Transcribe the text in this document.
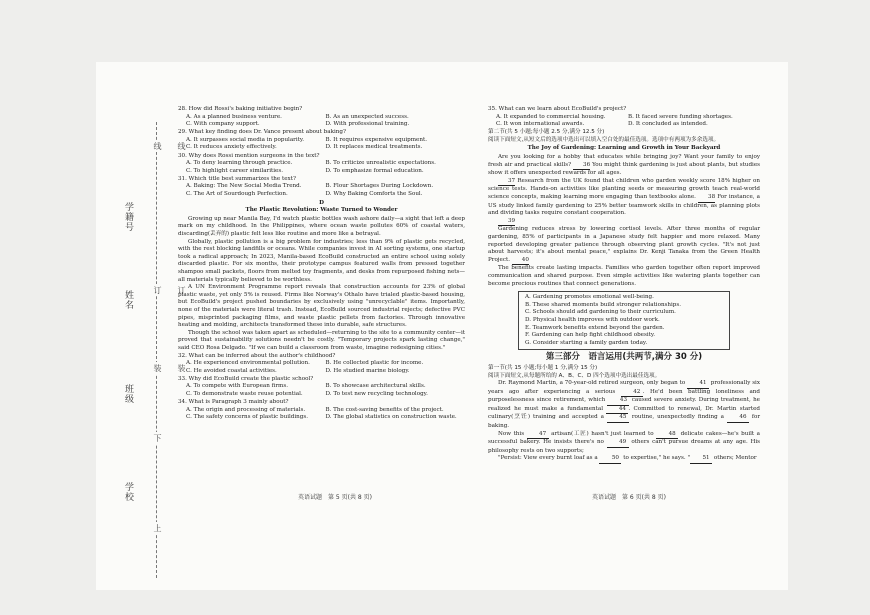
线
订
装
下
上
线
订
装
学籍号
姓名
班级
学校
28. How did Rossi's baking initiative begin?
A. As a planned business venture.	B. As an unexpected success.
C. With company support.	D. With professional training.
29. What key finding does Dr. Vance present about baking?
A. It surpasses social media in popularity.	B. It requires expensive equipment.
C. It reduces anxiety effectively.	D. It replaces medical treatments.
30. Why does Rossi mention surgeons in the text?
A. To deny learning through practice.	B. To criticize unrealistic expectations.
C. To highlight career similarities.	D. To emphasize formal education.
31. Which title best summarizes the text?
A. Baking: The New Social Media Trend.	B. Flour Shortages During Lockdown.
C. The Art of Sourdough Perfection.	D. Why Baking Comforts the Soul.
D
The Plastic Revolution: Waste Turned to Wonder
Growing up near Manila Bay, I'd watch plastic bottles wash ashore daily—a sight that left a deep mark on my childhood. In the Philippines, where ocean waste pollutes 60% of coastal waters, discarding(丢弃的) plastic felt less like routine and more like a betrayal.
Globally, plastic pollution is a big problem for industries; less than 9% of plastic gets recycled, with the rest blocking landfills or oceans. While companies invest in AI sorting systems, one startup took a radical approach; In 2023, Manila-based EcoBuild constructed an entire school using solely discarded plastic. For six months, their prototype campus featured walls from pressed together shampoo small packets, floors from melted toy fragments, and desks from repurposed fishing nets—all materials typically believed to be worthless.
A UN Environment Programme report reveals that construction accounts for 23% of global plastic waste, yet only 5% is reused. Firms like Norway's Othalo have trialed plastic-based housing, but EcoBuild's project pushed boundaries by exclusively using "unrecyclable" items. Importantly, none of the materials were literal trash. Instead, EcoBuild sourced industrial rejects; defective PVC pipes, misprinted packaging films, and waste plastic pellets from factories. Through innovative heating and molding, architects transformed these into durable, safe structures.
Though the school was taken apart as scheduled—returning to the site to a community center—it proved that sustainability solutions needn't be costly. "Temporary projects spark lasting change," said CEO Rosa Delgado. "If we can build a classroom from waste, imagine redesigning cities."
32. What can be inferred about the author's childhood?
A. He experienced environmental pollution.	B. He collected plastic for income.
C. He avoided coastal activities.	D. He studied marine biology.
33. Why did EcoBuild create the plastic school?
A. To compete with European firms.	B. To showcase architectural skills.
C. To demonstrate waste reuse potential.	D. To test new recycling technology.
34. What is Paragraph 3 mainly about?
A. The origin and processing of materials.	B. The cost-saving benefits of the project.
C. The safety concerns of plastic buildings.	D. The global statistics on construction waste.
英语试题　第 5 页(共 8 页)
35. What can we learn about EcoBuild's project?
A. It expanded to commercial housing.	B. It faced severe funding shortages.
C. It won international awards.	D. It concluded as intended.
第二节(共 5 小题;每小题 2.5 分,满分 12.5 分)
阅读下面短文,从短文后的选项中选出可以填入空白处的最佳选项。选项中有两项为多余选项。
The Joy of Gardening: Learning and Growth in Your Backyard
Are you looking for a hobby that educates while bringing joy? Want your family to enjoy fresh air and practical skills? 36 You might think gardening is just about plants, but studies show it offers unexpected rewards for all ages.
37 Research from the UK found that children who garden weekly score 18% higher on science tests. Hands-on activities like planting seeds or measuring growth teach real-world science concepts, making learning more engaging than textbooks alone. 38 For instance, a US study linked family gardening to 25% better teamwork skills in children, as planning plots and dividing tasks require constant cooperation.
39
Gardening reduces stress by lowering cortisol levels. After three months of regular gardening, 85% of participants in a Japanese study felt happier and more relaxed. Many reported developing greater patience through observing plant growth cycles. "It's not just about harvests; it's about mental peace," explains Dr. Kenji Tanaka from the Green Health Project. 40
The benefits create lasting impacts. Families who garden together often report improved communication and shared purpose. Even simple activities like watering plants together can become precious routines that connect generations.
A. Gardening promotes emotional well-being.
B. These shared moments build stronger relationships.
C. Schools should add gardening to their curriculum.
D. Physical health improves with outdoor work.
E. Teamwork benefits extend beyond the garden.
F. Gardening can help fight childhood obesity.
G. Consider starting a family garden today.
第三部分　语言运用(共两节,满分 30 分)
第一节(共 15 小题;每小题 1 分,满分 15 分)
阅读下面短文,从每题所给的 A、B、C、D 四个选项中选出最佳选项。
Dr. Raymond Martin, a 70-year-old retired surgeon, only began to 41 professionally six years ago after experiencing a serious 42 . He'd been battling loneliness and purposelessness since retirement, which 43 caused severe anxiety. During treatment, he realized he must make a fundamental 44 . Committed to renewal, Dr. Martin started culinary(烹饪) training and accepted a 45 routine, unexpectedly finding a 46 for baking.
Now this 47 artisan(工匠) hasn't just learned to 48 delicate cakes—he's built a successful bakery. He insists there's no 49 others can't pursue dreams at any age. His philosophy rests on two supports;
"Persist: View every burnt loaf as a 50 to expertise," he says. " 51 others; Mentor
英语试题　第 6 页(共 8 页)
